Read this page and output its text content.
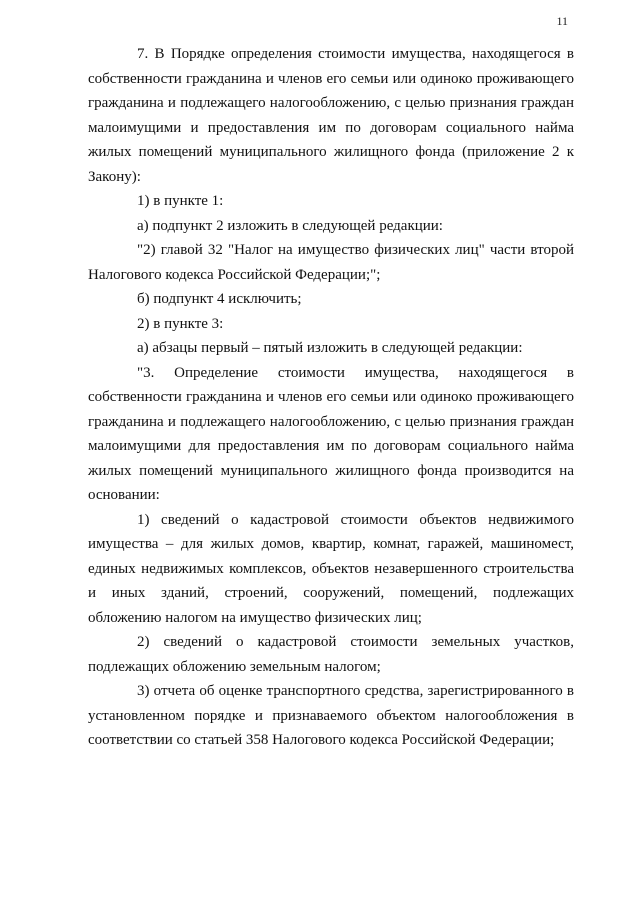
11

7. В Порядке определения стоимости имущества, находящегося в собственности гражданина и членов его семьи или одиноко проживающего гражданина и подлежащего налогообложению, с целью признания граждан малоимущими и предоставления им по договорам социального найма жилых помещений муниципального жилищного фонда (приложение 2 к Закону):

1) в пункте 1:

а) подпункт 2 изложить в следующей редакции:

"2) главой 32 "Налог на имущество физических лиц" части второй Налогового кодекса Российской Федерации;";

б) подпункт 4 исключить;

2) в пункте 3:

а) абзацы первый – пятый изложить в следующей редакции:

"3. Определение стоимости имущества, находящегося в собственности гражданина и членов его семьи или одиноко проживающего гражданина и подлежащего налогообложению, с целью признания граждан малоимущими для предоставления им по договорам социального найма жилых помещений муниципального жилищного фонда производится на основании:

1) сведений о кадастровой стоимости объектов недвижимого имущества – для жилых домов, квартир, комнат, гаражей, машиномест, единых недвижимых комплексов, объектов незавершенного строительства и иных зданий, строений, сооружений, помещений, подлежащих обложению налогом на имущество физических лиц;

2) сведений о кадастровой стоимости земельных участков, подлежащих обложению земельным налогом;

3) отчета об оценке транспортного средства, зарегистрированного в установленном порядке и признаваемого объектом налогообложения в соответствии со статьей 358 Налогового кодекса Российской Федерации;
